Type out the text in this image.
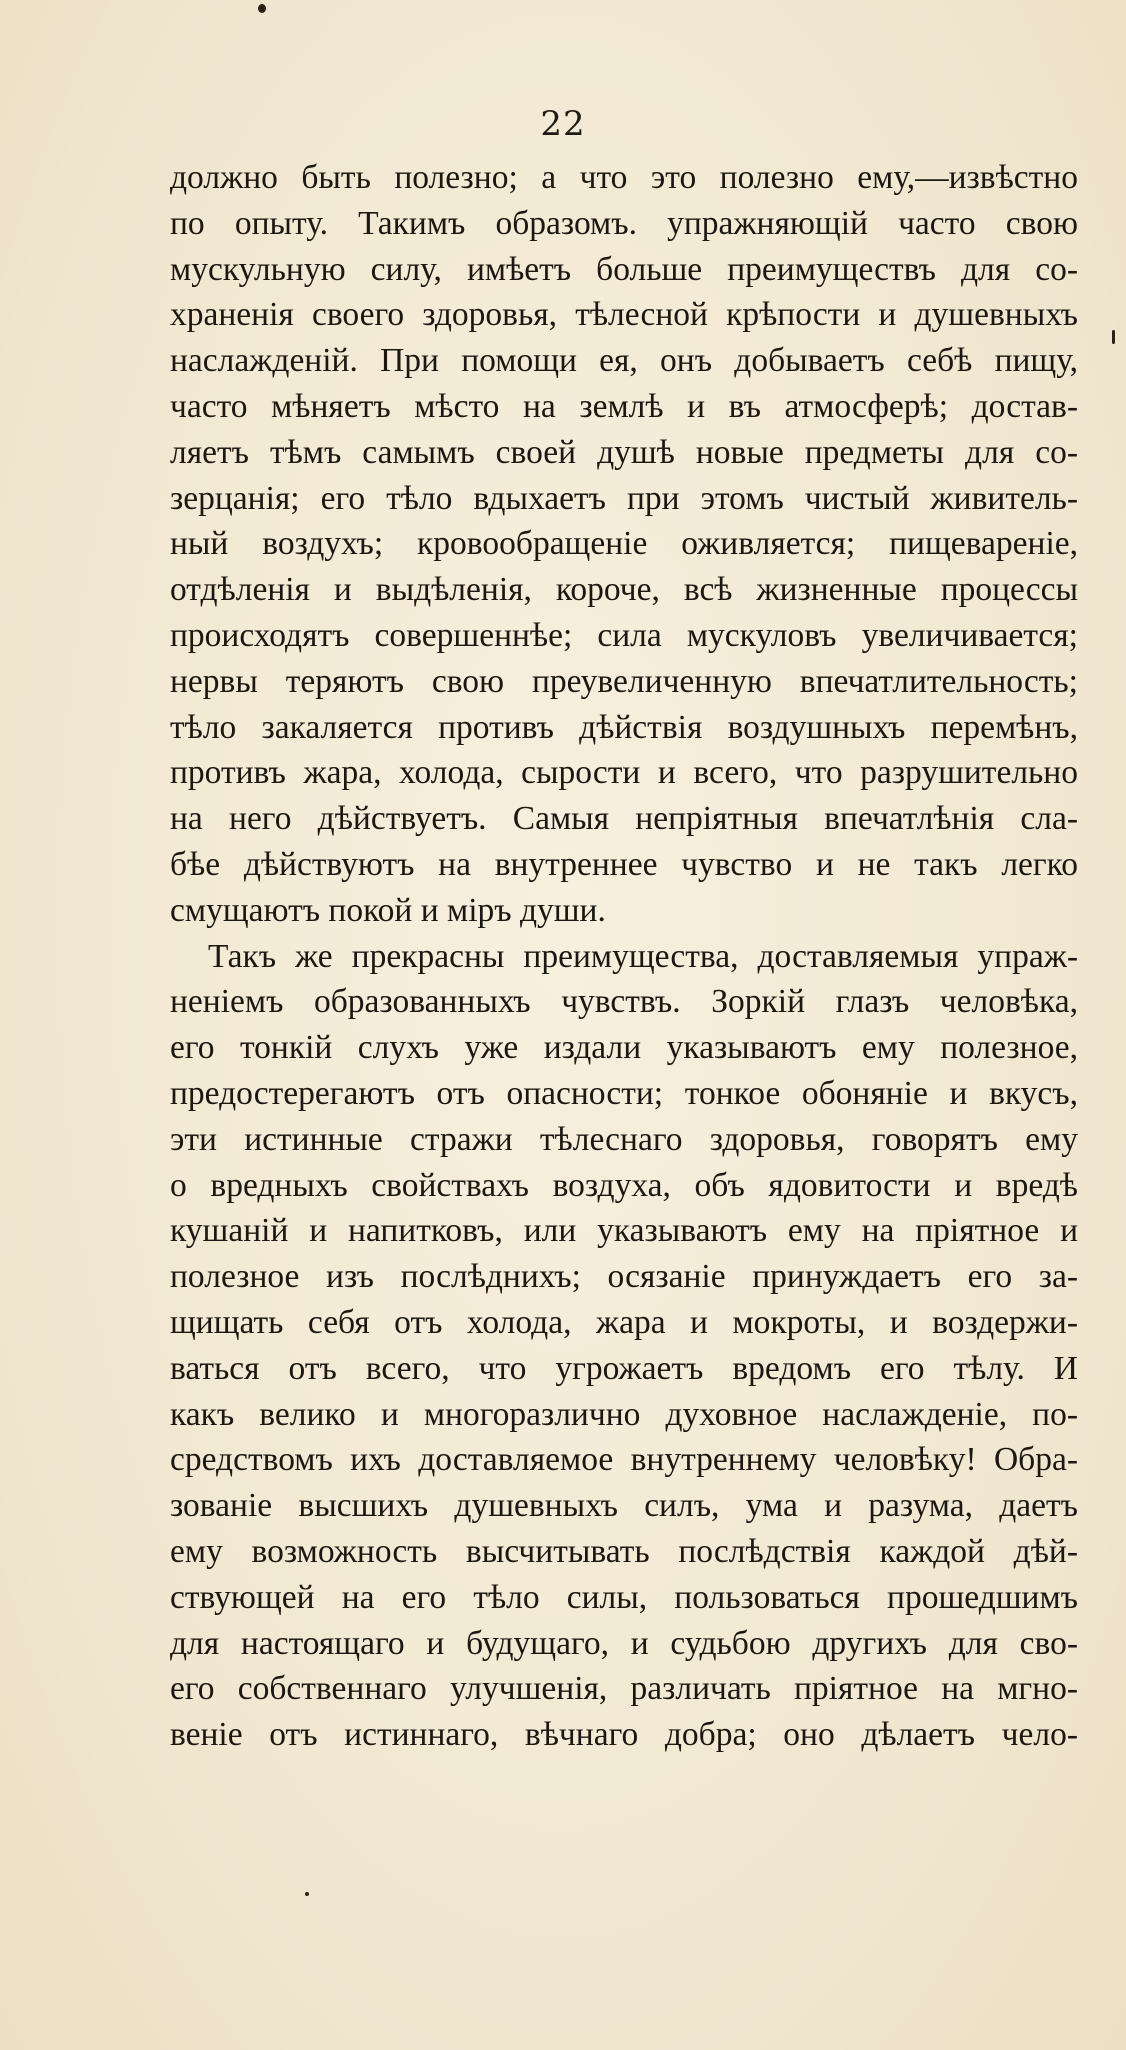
22
должно быть полезно; а что это полезно ему,—извѣстно
по опыту. Такимъ образомъ. упражняющій часто свою
мускульную силу, имѣетъ больше преимуществъ для со-
храненія своего здоровья, тѣлесной крѣпости и душевныхъ
наслажденій. При помощи ея, онъ добываетъ себѣ пищу,
часто мѣняетъ мѣсто на землѣ и въ атмосферѣ; достав-
ляетъ тѣмъ самымъ своей душѣ новые предметы для со-
зерцанія; его тѣло вдыхаетъ при этомъ чистый живитель-
ный воздухъ; кровообращеніе оживляется; пищевареніе,
отдѣленія и выдѣленія, короче, всѣ жизненные процессы
происходятъ совершеннѣе; сила мускуловъ увеличивается;
нервы теряютъ свою преувеличенную впечатлительность;
тѣло закаляется противъ дѣйствія воздушныхъ перемѣнъ,
противъ жара, холода, сырости и всего, что разрушительно
на него дѣйствуетъ. Самыя непріятныя впечатлѣнія сла-
бѣе дѣйствуютъ на внутреннее чувство и не такъ легко
смущаютъ покой и міръ души.
Такъ же прекрасны преимущества, доставляемыя упраж-
неніемъ образованныхъ чувствъ. Зоркій глазъ человѣка,
его тонкій слухъ уже издали указываютъ ему полезное,
предостерегаютъ отъ опасности; тонкое обоняніе и вкусъ,
эти истинные стражи тѣлеснаго здоровья, говорятъ ему
о вредныхъ свойствахъ воздуха, объ ядовитости и вредѣ
кушаній и напитковъ, или указываютъ ему на пріятное и
полезное изъ послѣднихъ; осязаніе принуждаетъ его за-
щищать себя отъ холода, жара и мокроты, и воздержи-
ваться отъ всего, что угрожаетъ вредомъ его тѣлу. И
какъ велико и многоразлично духовное наслажденіе, по-
средствомъ ихъ доставляемое внутреннему человѣку! Обра-
зованіе высшихъ душевныхъ силъ, ума и разума, даетъ
ему возможность высчитывать послѣдствія каждой дѣй-
ствующей на его тѣло силы, пользоваться прошедшимъ
для настоящаго и будущаго, и судьбою другихъ для сво-
его собственнаго улучшенія, различать пріятное на мгно-
веніе отъ истиннаго, вѣчнаго добра; оно дѣлаетъ чело-
